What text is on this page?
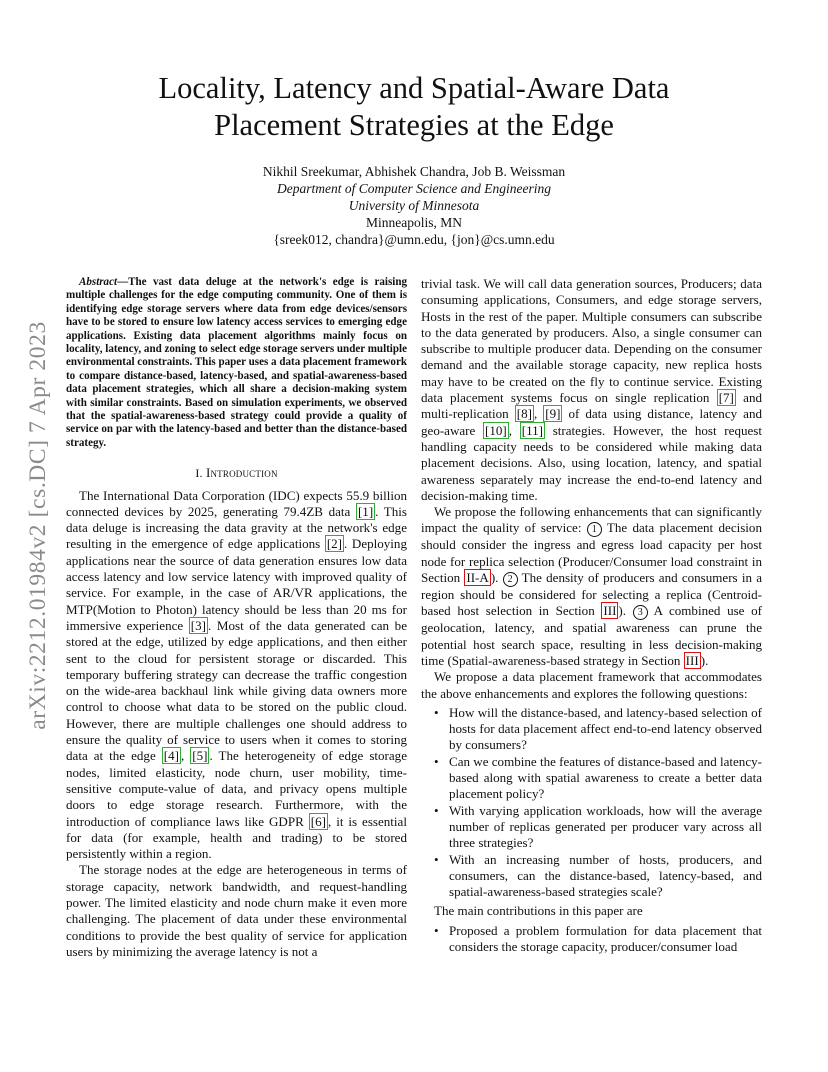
arXiv:2212.01984v2 [cs.DC] 7 Apr 2023
Locality, Latency and Spatial-Aware Data
Placement Strategies at the Edge
Nikhil Sreekumar, Abhishek Chandra, Job B. Weissman
Department of Computer Science and Engineering
University of Minnesota
Minneapolis, MN
{sreek012, chandra}@umn.edu, {jon}@cs.umn.edu

Abstract—The vast data deluge at the network's edge is raising multiple challenges for the edge computing community. One of them is identifying edge storage servers where data from edge devices/sensors have to be stored to ensure low latency access services to emerging edge applications. Existing data placement algorithms mainly focus on locality, latency, and zoning to select edge storage servers under multiple environmental constraints. This paper uses a data placement framework to compare distance-based, latency-based, and spatial-awareness-based data placement strategies, which all share a decision-making system with similar constraints. Based on simulation experiments, we observed that the spatial-awareness-based strategy could provide a quality of service on par with the latency-based and better than the distance-based strategy.

I. Introduction

The International Data Corporation (IDC) expects 55.9 billion connected devices by 2025, generating 79.4ZB data [1] . This data deluge is increasing the data gravity at the network's edge resulting in the emergence of edge applications [2] . Deploying applications near the source of data generation ensures low data access latency and low service latency with improved quality of service. For example, in the case of AR/VR applications, the MTP(Motion to Photon) latency should be less than 20 ms for immersive experience [3] . Most of the data generated can be stored at the edge, utilized by edge applications, and then either sent to the cloud for persistent storage or discarded. This temporary buffering strategy can decrease the traffic congestion on the wide-area backhaul link while giving data owners more control to choose what data to be stored on the public cloud. However, there are multiple challenges one should address to ensure the quality of service to users when it comes to storing data at the edge [4] , [5] . The heterogeneity of edge storage nodes, limited elasticity, node churn, user mobility, time-sensitive compute-value of data, and privacy opens multiple doors to edge storage research. Furthermore, with the introduction of compliance laws like GDPR [6] , it is essential for data (for example, health and trading) to be stored persistently within a region.

The storage nodes at the edge are heterogeneous in terms of storage capacity, network bandwidth, and request-handling power. The limited elasticity and node churn make it even more challenging. The placement of data under these environmental conditions to provide the best quality of service for application users by minimizing the average latency is not a

trivial task. We will call data generation sources, Producers; data consuming applications, Consumers, and edge storage servers, Hosts in the rest of the paper. Multiple consumers can subscribe to the data generated by producers. Also, a single consumer can subscribe to multiple producer data. Depending on the consumer demand and the available storage capacity, new replica hosts may have to be created on the fly to continue service. Existing data placement systems focus on single replication [7] and multi-replication [8] , [9] of data using distance, latency and geo-aware [10] , [11] strategies. However, the host request handling capacity needs to be considered while making data placement decisions. Also, using location, latency, and spatial awareness separately may increase the end-to-end latency and decision-making time.

We propose the following enhancements that can significantly impact the quality of service: 1 The data placement decision should consider the ingress and egress load capacity per host node for replica selection (Producer/Consumer load constraint in Section II-A ). 2 The density of producers and consumers in a region should be considered for selecting a replica (Centroid-based host selection in Section III ). 3 A combined use of geolocation, latency, and spatial awareness can prune the potential host search space, resulting in less decision-making time (Spatial-awareness-based strategy in Section III ).

We propose a data placement framework that accommodates the above enhancements and explores the following questions:

• How will the distance-based, and latency-based selection of hosts for data placement affect end-to-end latency observed by consumers?
• Can we combine the features of distance-based and latency-based along with spatial awareness to create a better data placement policy?
• With varying application workloads, how will the average number of replicas generated per producer vary across all three strategies?
• With an increasing number of hosts, producers, and consumers, can the distance-based, latency-based, and spatial-awareness-based strategies scale?

The main contributions in this paper are

• Proposed a problem formulation for data placement that considers the storage capacity, producer/consumer load
